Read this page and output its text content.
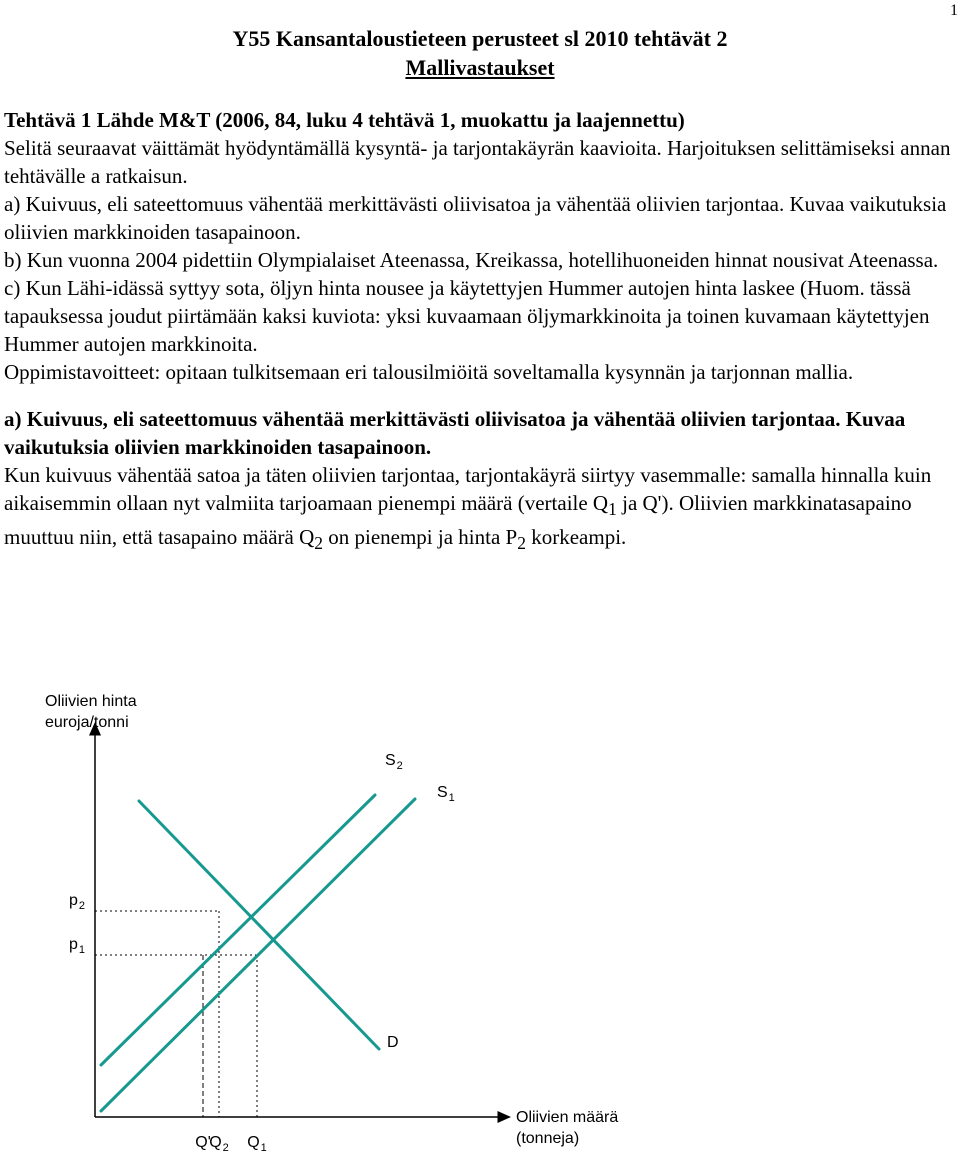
1
Y55 Kansantaloustieteen perusteet sl 2010 tehtävät 2
Mallivastaukset

Tehtävä 1 Lähde M&T (2006, 84, luku 4 tehtävä 1, muokattu ja laajennettu)

Selitä seuraavat väittämät hyödyntämällä kysyntä- ja tarjontakäyrän kaavioita. Harjoituksen selittämiseksi annan tehtävälle a ratkaisun.

a) Kuivuus, eli sateettomuus vähentää merkittävästi oliivisatoa ja vähentää oliivien tarjontaa. Kuvaa vaikutuksia oliivien markkinoiden tasapainoon.

b) Kun vuonna 2004 pidettiin Olympialaiset Ateenassa, Kreikassa, hotellihuoneiden hinnat nousivat Ateenassa.

c) Kun Lähi-idässä syttyy sota, öljyn hinta nousee ja käytettyjen Hummer autojen hinta laskee (Huom. tässä tapauksessa joudut piirtämään kaksi kuviota: yksi kuvaamaan öljymarkkinoita ja toinen kuvamaan käytettyjen Hummer autojen markkinoita.

Oppimistavoitteet: opitaan tulkitsemaan eri talousilmiöitä soveltamalla kysynnän ja tarjonnan mallia.

a) Kuivuus, eli sateettomuus vähentää merkittävästi oliivisatoa ja vähentää oliivien tarjontaa. Kuvaa vaikutuksia oliivien markkinoiden tasapainoon.

Kun kuivuus vähentää satoa ja täten oliivien tarjontaa, tarjontakäyrä siirtyy vasemmalle: samalla hinnalla kuin aikaisemmin ollaan nyt valmiita tarjoamaan pienempi määrä (vertaile $Q_1$ ja Q'). Oliivien markkinatasapaino muuttuu niin, että tasapaino määrä $Q_2$ on pienempi ja hinta $P_2$ korkeampi.

Oliivien hinta
euroja/tonni
Oliivien määrä
(tonneja)
$S_1$
$S_2$
D
$p_1$
$p_2$
Q'
$Q_2$ $Q_1$
